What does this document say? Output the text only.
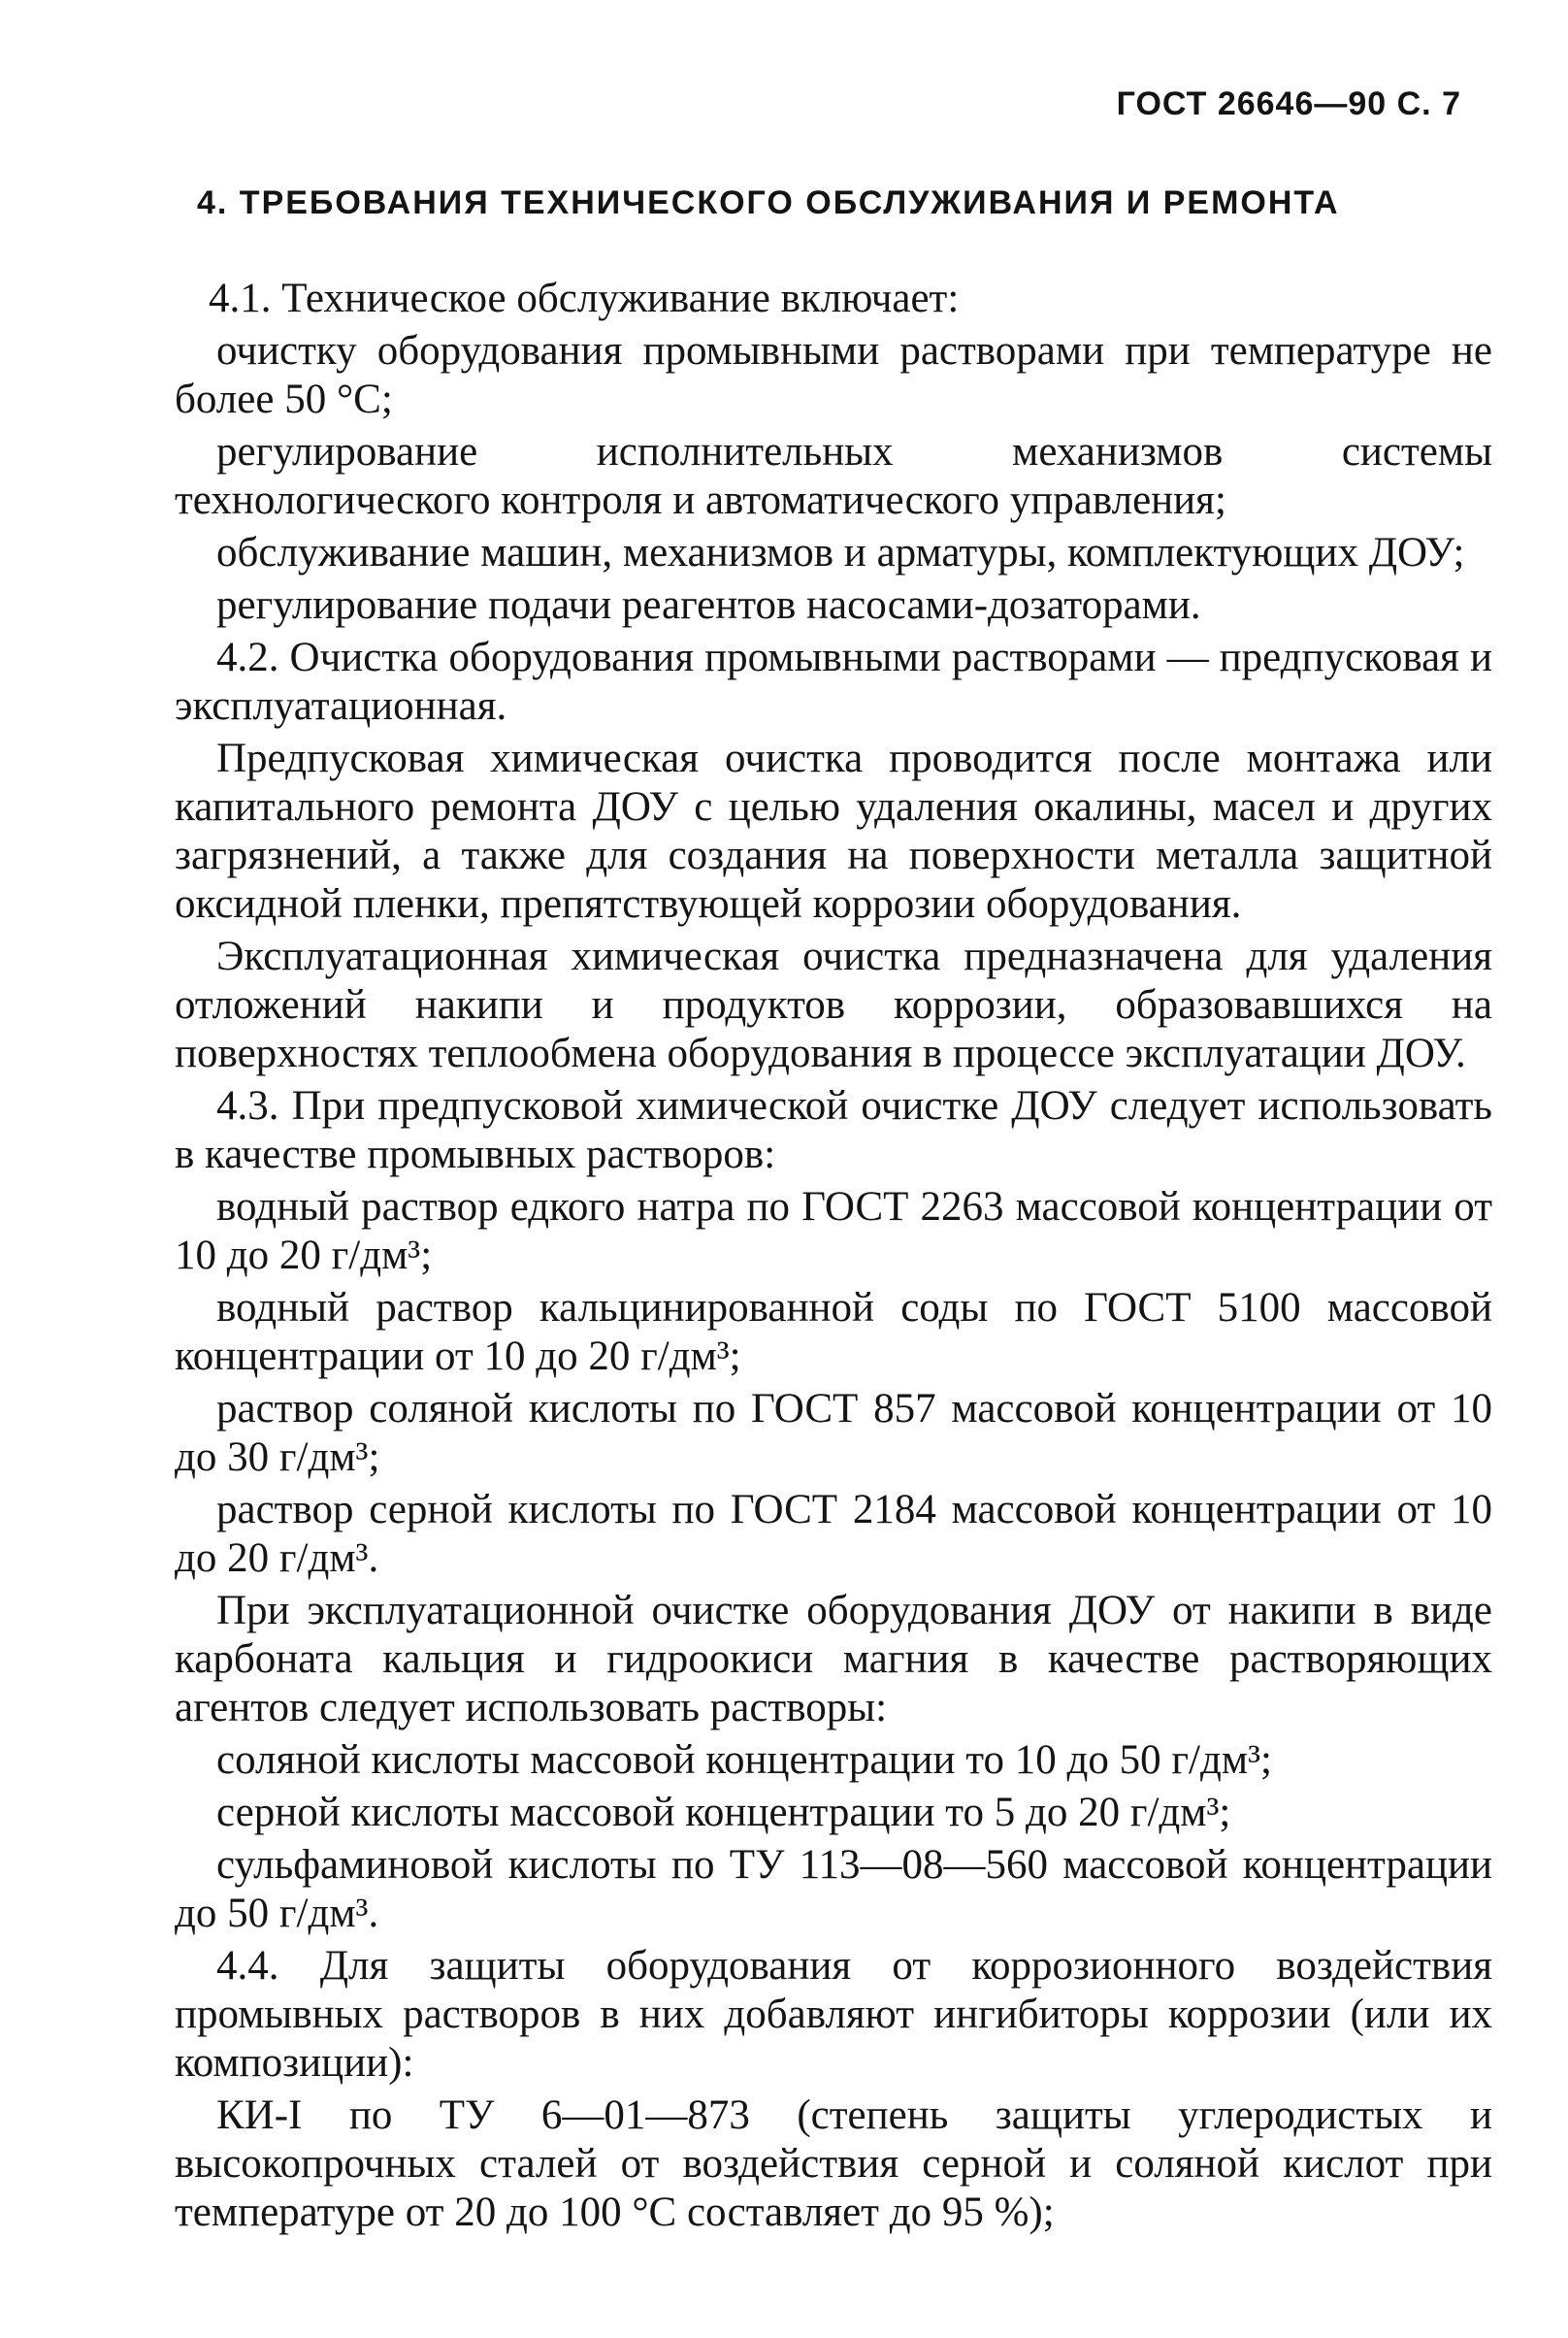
ГОСТ 26646—90 С. 7
4. ТРЕБОВАНИЯ ТЕХНИЧЕСКОГО ОБСЛУЖИВАНИЯ И РЕМОНТА

4.1. Техническое обслуживание включает:

очистку оборудования промывными растворами при температуре не более 50 °С;

регулирование исполнительных механизмов системы технологического контроля и автоматического управления;

обслуживание машин, механизмов и арматуры, комплектующих ДОУ;

регулирование подачи реагентов насосами-дозаторами.

4.2. Очистка оборудования промывными растворами — предпусковая и эксплуатационная.

Предпусковая химическая очистка проводится после монтажа или капитального ремонта ДОУ с целью удаления окалины, масел и других загрязнений, а также для создания на поверхности металла защитной оксидной пленки, препятствующей коррозии оборудования.

Эксплуатационная химическая очистка предназначена для удаления отложений накипи и продуктов коррозии, образовавшихся на поверхностях теплообмена оборудования в процессе эксплуатации ДОУ.

4.3. При предпусковой химической очистке ДОУ следует использовать в качестве промывных растворов:

водный раствор едкого натра по ГОСТ 2263 массовой концентрации от 10 до 20 г/дм³;

водный раствор кальцинированной соды по ГОСТ 5100 массовой концентрации от 10 до 20 г/дм³;

раствор соляной кислоты по ГОСТ 857 массовой концентрации от 10 до 30 г/дм³;

раствор серной кислоты по ГОСТ 2184 массовой концентрации от 10 до 20 г/дм³.

При эксплуатационной очистке оборудования ДОУ от накипи в виде карбоната кальция и гидроокиси магния в качестве растворяющих агентов следует использовать растворы:

соляной кислоты массовой концентрации то 10 до 50 г/дм³;

серной кислоты массовой концентрации то 5 до 20 г/дм³;

сульфаминовой кислоты по ТУ 113—08—560 массовой концентрации до 50 г/дм³.

4.4. Для защиты оборудования от коррозионного воздействия промывных растворов в них добавляют ингибиторы коррозии (или их композиции):

КИ-I по ТУ 6—01—873 (степень защиты углеродистых и высокопрочных сталей от воздействия серной и соляной кислот при температуре от 20 до 100 °С составляет до 95 %);
